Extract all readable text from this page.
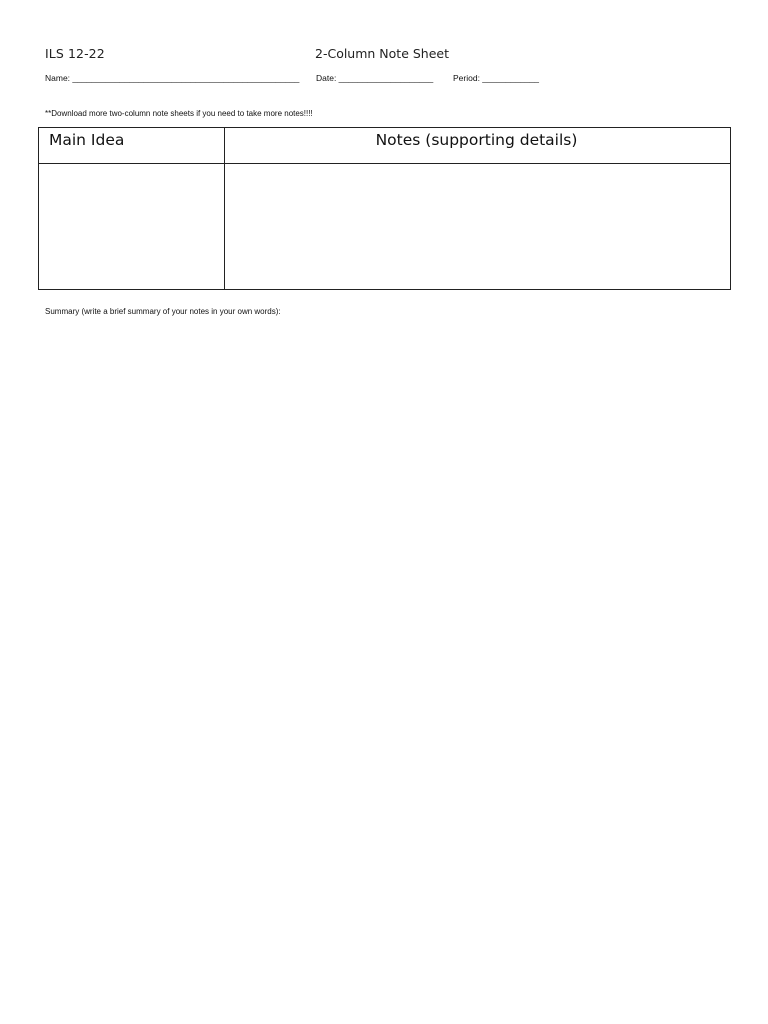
ILS 12-22	2-Column Note Sheet
Name: ________________________________________________ Date: ____________________ Period: ____________
**Download more two-column note sheets if you need to take more notes!!!!
Main Idea	Notes (supporting details)

Summary (write a brief summary of your notes in your own words):
